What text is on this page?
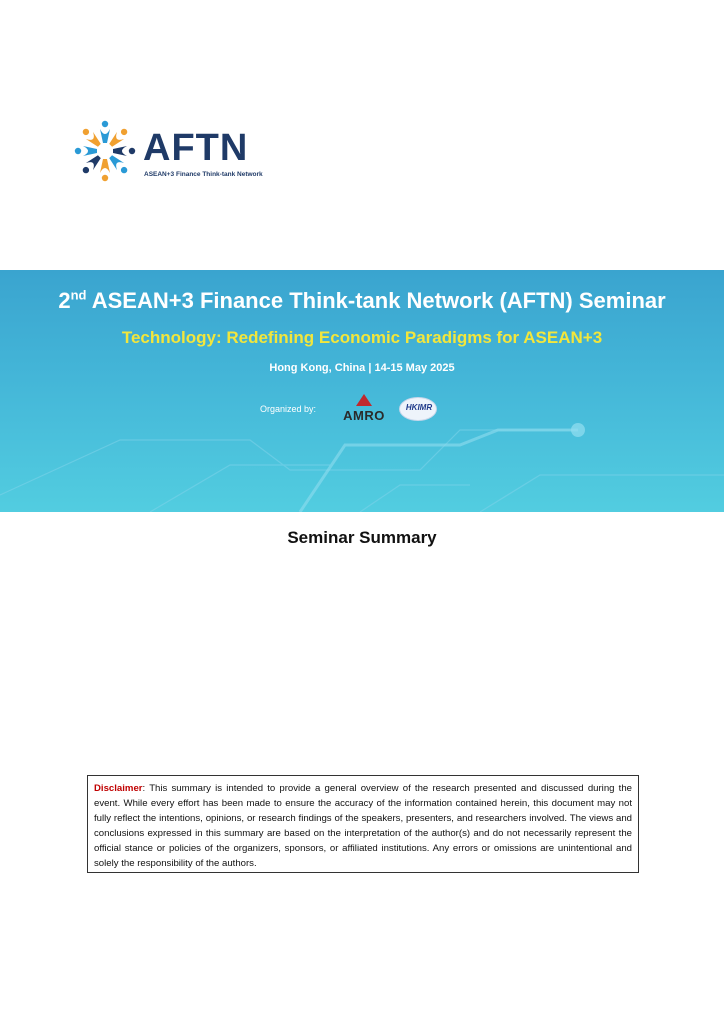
AFTN
ASEAN+3 Finance Think-tank Network
2nd ASEAN+3 Finance Think-tank Network (AFTN) Seminar
Technology: Redefining Economic Paradigms for ASEAN+3
Hong Kong, China | 14-15 May 2025
Organized by:	AMRO
HKIMR
Seminar Summary
Disclaimer: This summary is intended to provide a general overview of the research presented and discussed during the event. While every effort has been made to ensure the accuracy of the information contained herein, this document may not fully reflect the intentions, opinions, or research findings of the speakers, presenters, and researchers involved. The views and conclusions expressed in this summary are based on the interpretation of the author(s) and do not necessarily represent the official stance or policies of the organizers, sponsors, or affiliated institutions. Any errors or omissions are unintentional and solely the responsibility of the authors.
